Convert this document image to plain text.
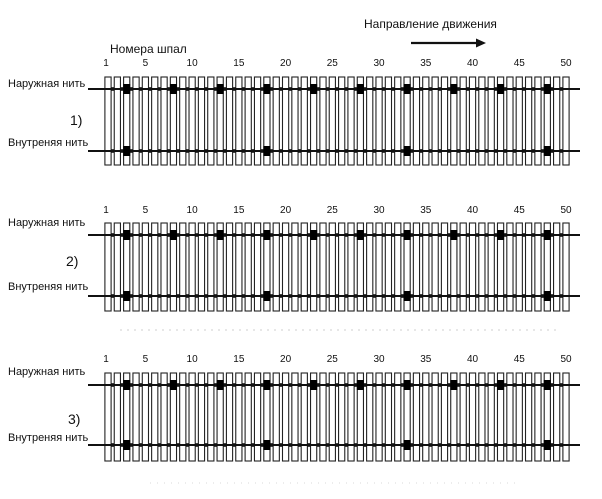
1	5	10	15	20	25	30	35	40	45	50
1	5	10	15	20	25	30	35	40	45	50
1	5	10	15	20	25	30	35	40	45	50
Направление движения
Номера шпал
Наружная нить
Внутреняя нить
1)
Наружная нить
Внутреняя нить
2)
Наружная нить
Внутреняя нить
3)
